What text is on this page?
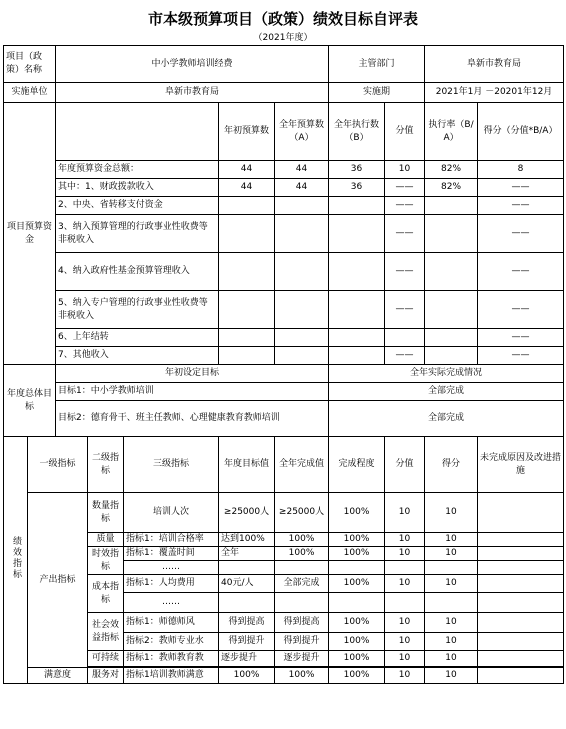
市本级预算项目（政策）绩效目标自评表
（2021年度）
项目（政策）名称		中小学教师培训经费					主管部门		阜新市教育局	
实施单位		阜新市教育局					实施期		2021年1月 －20201年12月	
项目预算资金					年初预算数	全年预算数（A）	全年执行数（B）	分值	执行率（B/A）	得分（分值*B/A）
		年度预算资金总额：			44	44	36	10	82%	8
		其中：1、财政拨款收入			44	44	36	——	82%	——
		2、中央、省转移支付资金						——		——
		3、纳入预算管理的行政事业性收费等非税收入						——		——
		4、纳入政府性基金预算管理收入						——		——
		5、纳入专户管理的行政事业性收费等非税收入						——		——
		6、上年结转								——
		7、其他收入						——		——
年度总体目标		年初设定目标					全年实际完成情况			
		目标1：中小学教师培训					全部完成			
		目标2：德育骨干、班主任教师、心理健康教育教师培训					全部完成			
绩效指标	一级指标		二级指标	三级指标	年度目标值	全年完成值	完成程度	分值	得分	未完成原因及改进措施
	产出指标		数量指标	培训人次	≥25000人	≥25000人	100%	10	10	
			质量	指标1：培训合格率	达到100%	100%	100%	10	10	
			时效指标	指标1：覆盖时间	全年	100%	100%	10	10	
				……						
			成本指标	指标1：人均费用	40元/人	全部完成	100%	10	10	
				……						
			社会效益指标	指标1：师德师风	得到提高	得到提高	100%	10	10	
				指标2：教师专业水	得到提升	得到提升	100%	10	10	
			可持续	指标1：教师教育教	逐步提升	逐步提升	100%	10	10	

	满意度		服务对	指标1培训教师满意	100%	100%	100%	10	10	
